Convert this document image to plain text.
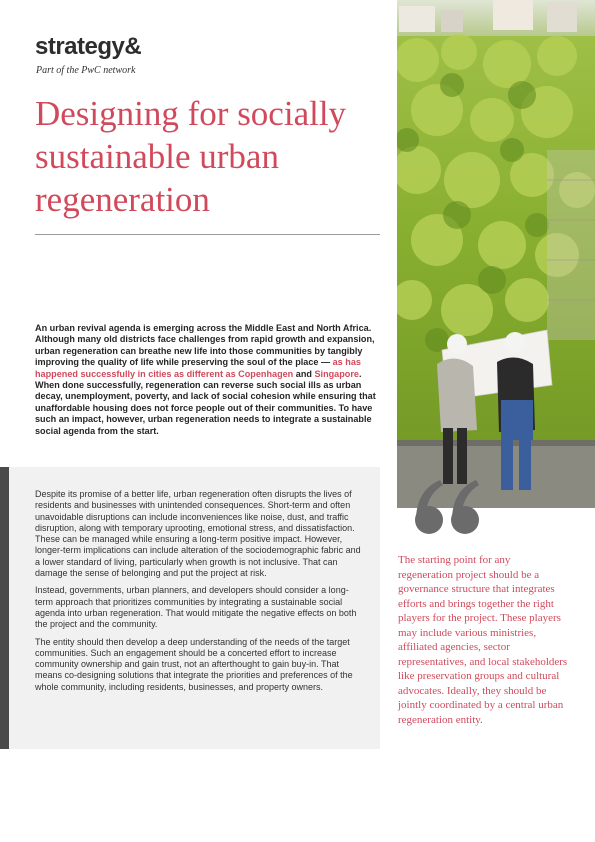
strategy&
Part of the PwC network
Designing for socially sustainable urban regeneration

An urban revival agenda is emerging across the Middle East and North Africa. Although many old districts face challenges from rapid growth and expansion, urban regeneration can breathe new life into those communities by tangibly improving the quality of life while preserving the soul of the place — as has happened successfully in cities as different as Copenhagen and Singapore. When done successfully, regeneration can reverse such social ills as urban decay, unemployment, poverty, and lack of social cohesion while ensuring that unaffordable housing does not force people out of their communities. To have such an impact, however, urban regeneration needs to integrate a sustainable social agenda from the start.

Despite its promise of a better life, urban regeneration often disrupts the lives of residents and businesses with unintended consequences. Short-term and often unavoidable disruptions can include inconveniences like noise, dust, and traffic disruption, along with temporary uprooting, emotional stress, and dissatisfaction. These can be managed while ensuring a long-term positive impact. However, longer-term implications can include alteration of the sociodemographic fabric and a lower standard of living, particularly when growth is not inclusive. That can damage the sense of belonging and put the project at risk.

Instead, governments, urban planners, and developers should consider a long-term approach that prioritizes communities by integrating a sustainable social agenda into urban regeneration. That would mitigate the negative effects on both the project and the community.

The entity should then develop a deep understanding of the needs of the target communities. Such an engagement should be a concerted effort to increase community ownership and gain trust, not an afterthought to gain buy-in. That means co-designing solutions that integrate the priorities and preferences of the whole community, including residents, businesses, and property owners.

The starting point for any regeneration project should be a governance structure that integrates efforts and brings together the right players for the project. These players may include various ministries, affiliated agencies, sector representatives, and local stakeholders like preservation groups and cultural advocates. Ideally, they should be jointly coordinated by a central urban regeneration entity.
